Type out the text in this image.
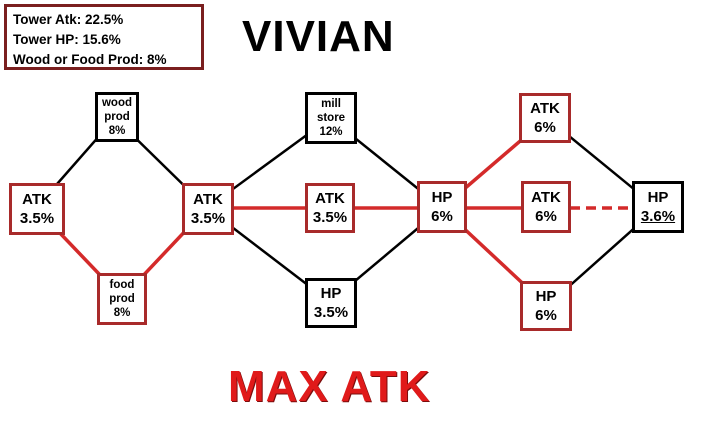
Tower Atk: 22.5%
Tower HP: 15.6%
Wood or Food Prod: 8%	VIVIAN
ATK
3.5%
wood
prod
8%
food
prod
8%
ATK
3.5%
mill
store
12%
ATK
3.5%
HP
3.5%
HP
6%
ATK
6%
ATK
6%
HP
6%
HP
3.6%
MAX ATK
